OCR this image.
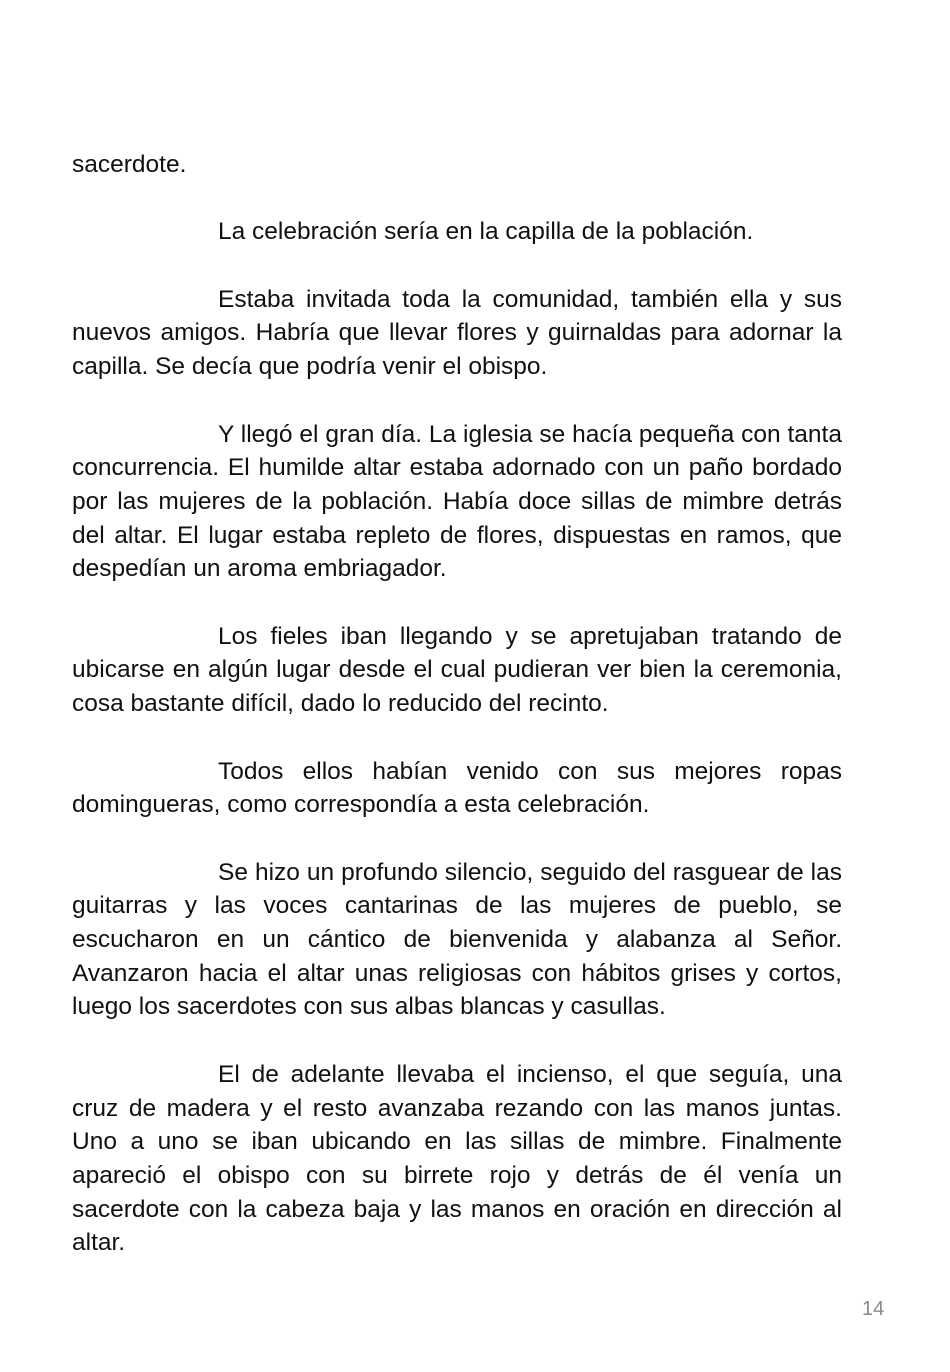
sacerdote.

La celebración sería en la capilla de la población.

Estaba invitada toda la comunidad, también ella y sus nuevos amigos. Habría que llevar flores y guirnaldas para adornar la capilla. Se decía que podría venir el obispo.

Y llegó el gran día. La iglesia se hacía pequeña con tanta concurrencia. El humilde altar estaba adornado con un paño bordado por las mujeres de la población. Había doce sillas de mimbre detrás del altar. El lugar estaba repleto de flores, dispuestas en ramos, que despedían un aroma embriagador.

Los fieles iban llegando y se apretujaban tratando de ubicarse en algún lugar desde el cual pudieran ver bien la ceremonia, cosa bastante difícil, dado lo reducido del recinto.

Todos ellos habían venido con sus mejores ropas domingueras, como correspondía a esta celebración.

Se hizo un profundo silencio, seguido del rasguear de las guitarras y las voces cantarinas de las mujeres de pueblo, se escucharon en un cántico de bienvenida y alabanza al Señor. Avanzaron hacia el altar unas religiosas con hábitos grises y cortos, luego los sacerdotes con sus albas blancas y casullas.

El de adelante llevaba el incienso, el que seguía, una cruz de madera y el resto avanzaba rezando con las manos juntas. Uno a uno se iban ubicando en las sillas de mimbre. Finalmente apareció el obispo con su birrete rojo y detrás de él venía un sacerdote con la cabeza baja y las manos en oración en dirección al altar.

14
